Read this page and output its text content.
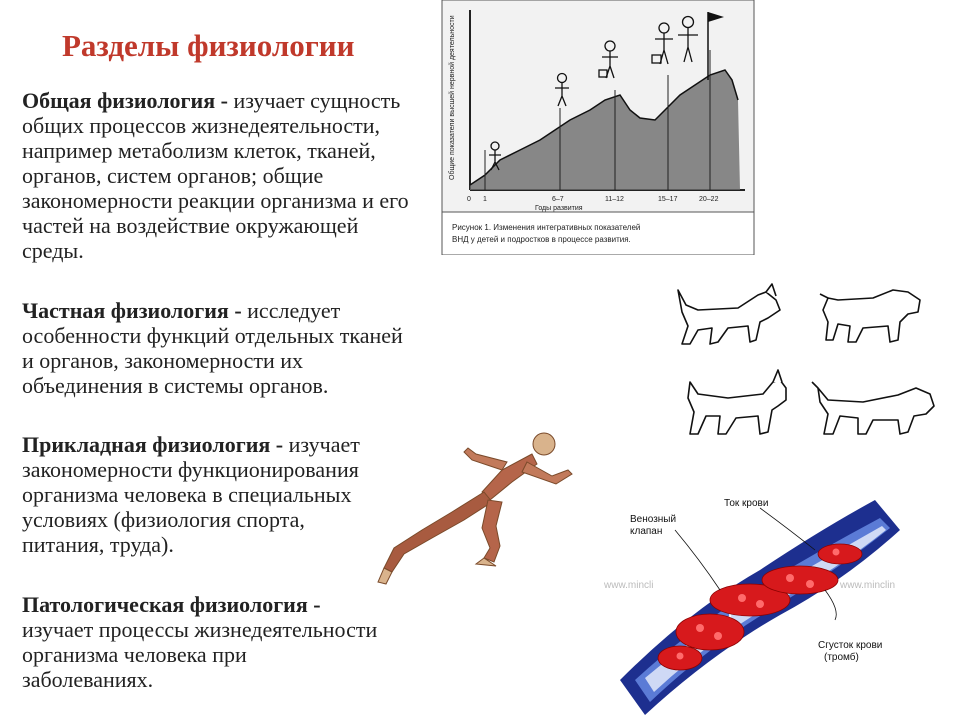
Разделы физиологии

Общая физиология - изучает сущность общих процессов жизнедеятельности, например метаболизм клеток, тканей, органов, систем органов; общие закономерности реакции организма и его частей на воздействие окружающей среды.

Частная физиология - исследует особенности функций отдельных тканей и органов, закономерности их объединения в системы органов.

Прикладная физиология - изучает закономерности функционирования организма человека в специальных условиях (физиология спорта, питания, труда).

Патологическая физиология - изучает процессы жизнедеятельности организма человека при заболеваниях.

Общие показатели высшей нервной деятельности
0 1	6–7	11–12	15–17	20–22
Годы развития
Рисунок 1. Изменения интегративных показателей
ВНД у детей и подростков в процессе развития.
Ток крови
Венозный
клапан
Сгусток крови
(тромб)
www.mincli	www.minclin
